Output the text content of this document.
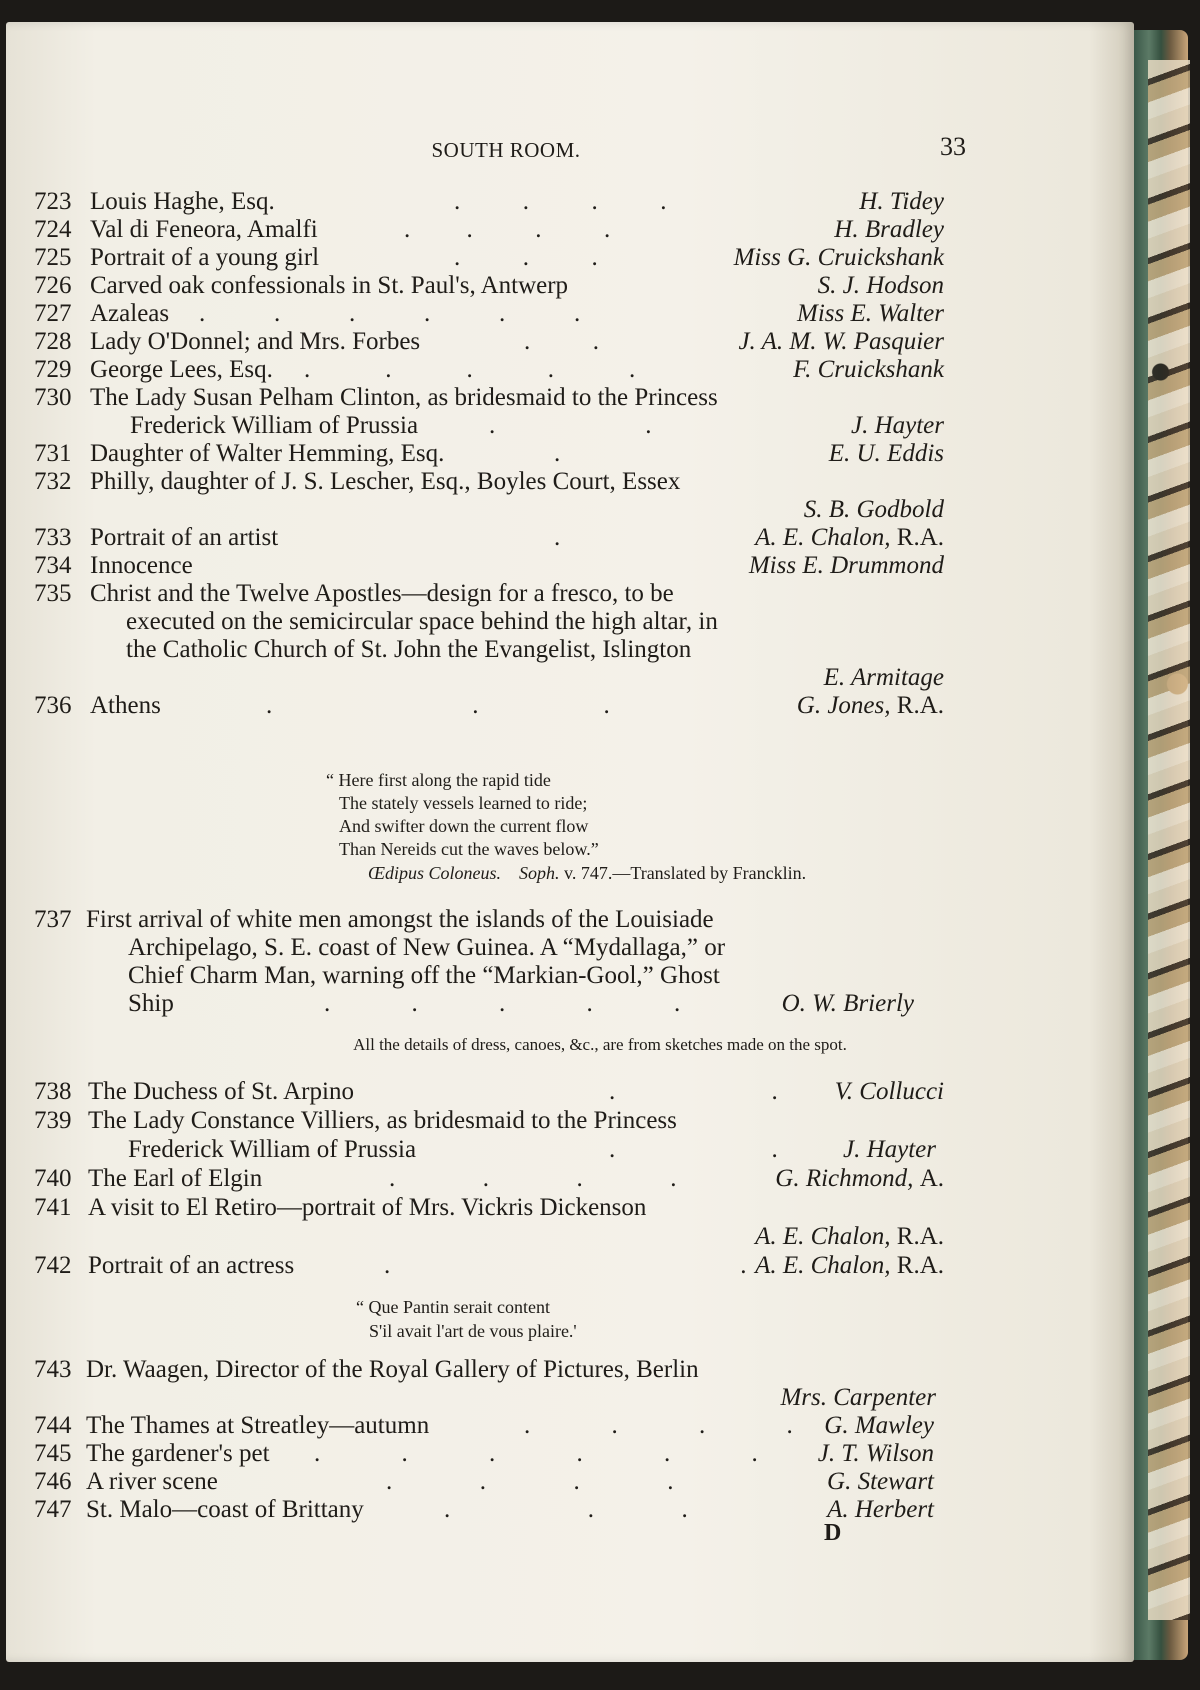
SOUTH ROOM.	33
723 Louis Haghe, Esq.	.          .          .          .	H. Tidey
724 Val di Feneora, Amalfi	.         .          .          .	H. Bradley
725 Portrait of a young girl	.          .          .	Miss G. Cruickshank
726 Carved oak confessionals in St. Paul's, Antwerp	S. J. Hodson
727 Azaleas .           .           .           .           .           .	Miss E. Walter
728 Lady O'Donnel; and Mrs. Forbes	.          .	J. A. M. W. Pasquier
729 George Lees, Esq. .            .            .            .            .	F. Cruickshank
730 The Lady Susan Pelham Clinton, as bridesmaid to the Princess
Frederick William of Prussia	.                        .	J. Hayter
731 Daughter of Walter Hemming, Esq.	.	E. U. Eddis
732 Philly, daughter of J. S. Lescher, Esq., Boyles Court, Essex
S. B. Godbold
733 Portrait of an artist	.	A. E. Chalon, R.A.
734 Innocence	Miss E. Drummond
735 Christ and the Twelve Apostles—design for a fresco, to be
executed on the semicircular space behind the high altar, in
the Catholic Church of St. John the Evangelist, Islington
E. Armitage
736 Athens	.                                .                    .	G. Jones, R.A.
“ Here first along the rapid tide
The stately vessels learned to ride;
And swifter down the current flow
Than Nereids cut the waves below.”
Œdipus Coloneus. Soph. v. 747.—Translated by Francklin.
737 First arrival of white men amongst the islands of the Louisiade
Archipelago, S. E. coast of New Guinea. A “Mydallaga,” or
Chief Charm Man, warning off the “Markian-Gool,” Ghost
Ship	.             .             .             .             .	O. W. Brierly
All the details of dress, canoes, &c., are from sketches made on the spot.
738 The Duchess of St. Arpino	.                         . V. Collucci
739 The Lady Constance Villiers, as bridesmaid to the Princess
Frederick William of Prussia	.                         .	J. Hayter
740 The Earl of Elgin	.              .              .              .	G. Richmond, A.
741 A visit to El Retiro—portrait of Mrs. Vickris Dickenson
A. E. Chalon, R.A.
742 Portrait of an actress	.                                                        . A. E. Chalon, R.A.
“ Que Pantin serait content
S'il avait l'art de vous plaire.'
743 Dr. Waagen, Director of the Royal Gallery of Pictures, Berlin
Mrs. Carpenter
744 The Thames at Streatley—autumn	.             .             .             . G. Mawley
745 The gardener's pet .             .             .             .             .             . J. T. Wilson
746 A river scene	.              .              .              .	G. Stewart
747 St. Malo—coast of Brittany	.                      .              .	A. Herbert
D
